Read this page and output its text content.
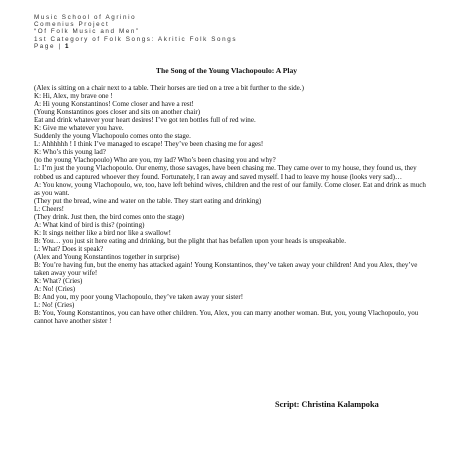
Music School of Agrinio
Comenius Project
“Of Folk Music and Men”
1st Category of Folk Songs: Akritic Folk Songs
Page | 1
The Song of the Young Vlachopoulo: A Play

(Alex is sitting on a chair next to a table. Their horses are tied on a tree a bit further to the side.)

K: Hi, Alex, my brave one !

A: Hi young Konstantinos! Come closer and have a rest!

(Young Konstantinos goes closer and sits on another chair)

Eat and drink whatever your heart desires! I’ve got ten bottles full of red wine.

K: Give me whatever you have.

Suddenly the young Vlachopoulo comes onto the stage.

L: Ahhhhhh ! I think I’ve managed to escape! They’ve been chasing me for ages!

K: Who’s this young lad?

(to the young Vlachopoulo) Who are you, my lad? Who’s been chasing you and why?

L: I’m just the young Vlachopoulo. Our enemy, those savages, have been chasing me. They came over to my house, they found us, they robbed us and captured whoever they found. Fortunately, I ran away and saved myself. I had to leave my house (looks very sad)…

A: You know, young Vlachopoulo, we, too, have left behind wives, children and the rest of our family. Come closer. Eat and drink as much as you want.

(They put the bread, wine and water on the table. They start eating and drinking)

L: Cheers!

(They drink. Just then, the bird comes onto the stage)

A: What kind of bird is this? (pointing)

K: It sings neither like a bird nor like a swallow!

B: You… you just sit here eating and drinking, but the plight that has befallen upon your heads is unspeakable.

L: What? Does it speak?

(Alex and Young Konstantinos together in surprise)

B: You’re having fun, but the enemy has attacked again! Young Konstantinos, they’ve taken away your children! And you Alex, they’ve taken away your wife!

K: What? (Cries)

A: No! (Cries)

B: And you, my poor young Vlachopoulo, they’ve taken away your sister!

L: No! (Cries)

B: You, Young Konstantinos, you can have other children. You, Alex, you can marry another woman. But, you, young Vlachopoulo, you cannot have another sister !

Script: Christina Kalampoka
